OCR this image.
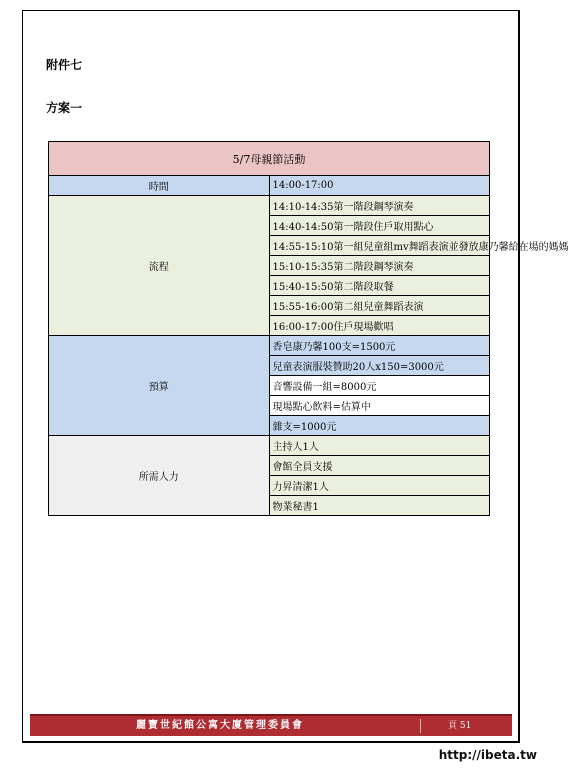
附件七
方案一
5/7母親節活動	
時間	14:00-17:00
流程	14:10-14:35第一階段鋼琴演奏
	14:40-14:50第一階段住戶取用點心
	14:55-15:10第一組兒童組mv舞蹈表演並發放康乃馨給在場的媽媽
	15:10-15:35第二階段鋼琴演奏
	15:40-15:50第二階段取餐
	15:55-16:00第二組兒童舞蹈表演
	16:00-17:00住戶現場歡唱
預算	香皂康乃馨100支=1500元
	兒童表演服裝贊助20人x150=3000元
	音響設備一組=8000元
	現場點心飲料=估算中
	雜支=1000元
所需人力	主持人1人
	會館全員支援
	力昇清潔1人
	物業秘書1
麗寶世紀館公寓大廈管理委員會	頁 51
http://ibeta.tw
